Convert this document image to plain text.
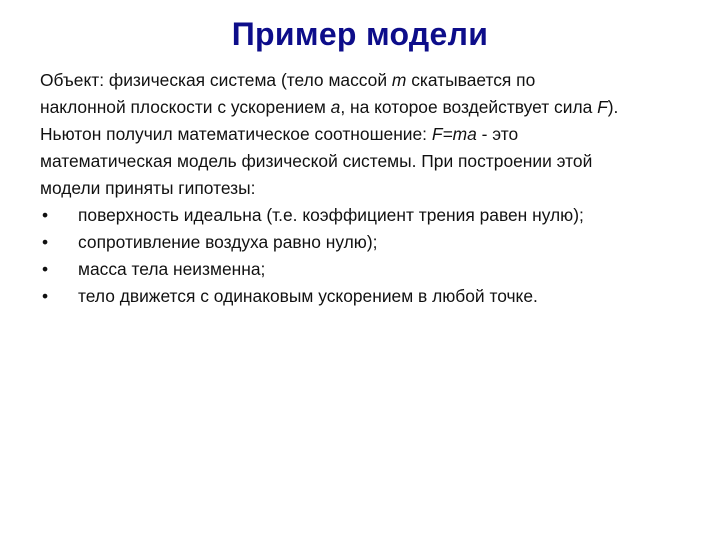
Пример модели

Объект: физическая система (тело массой m скатывается по
наклонной плоскости с ускорением a, на которое воздействует сила F).

Ньютон получил математическое соотношение: F=ma - это
математическая модель физической системы. При построении этой
модели приняты гипотезы:

• поверхность идеальна (т.е. коэффициент трения равен нулю);
• сопротивление воздуха равно нулю);
• масса тела неизменна;
• тело движется с одинаковым ускорением в любой точке.
